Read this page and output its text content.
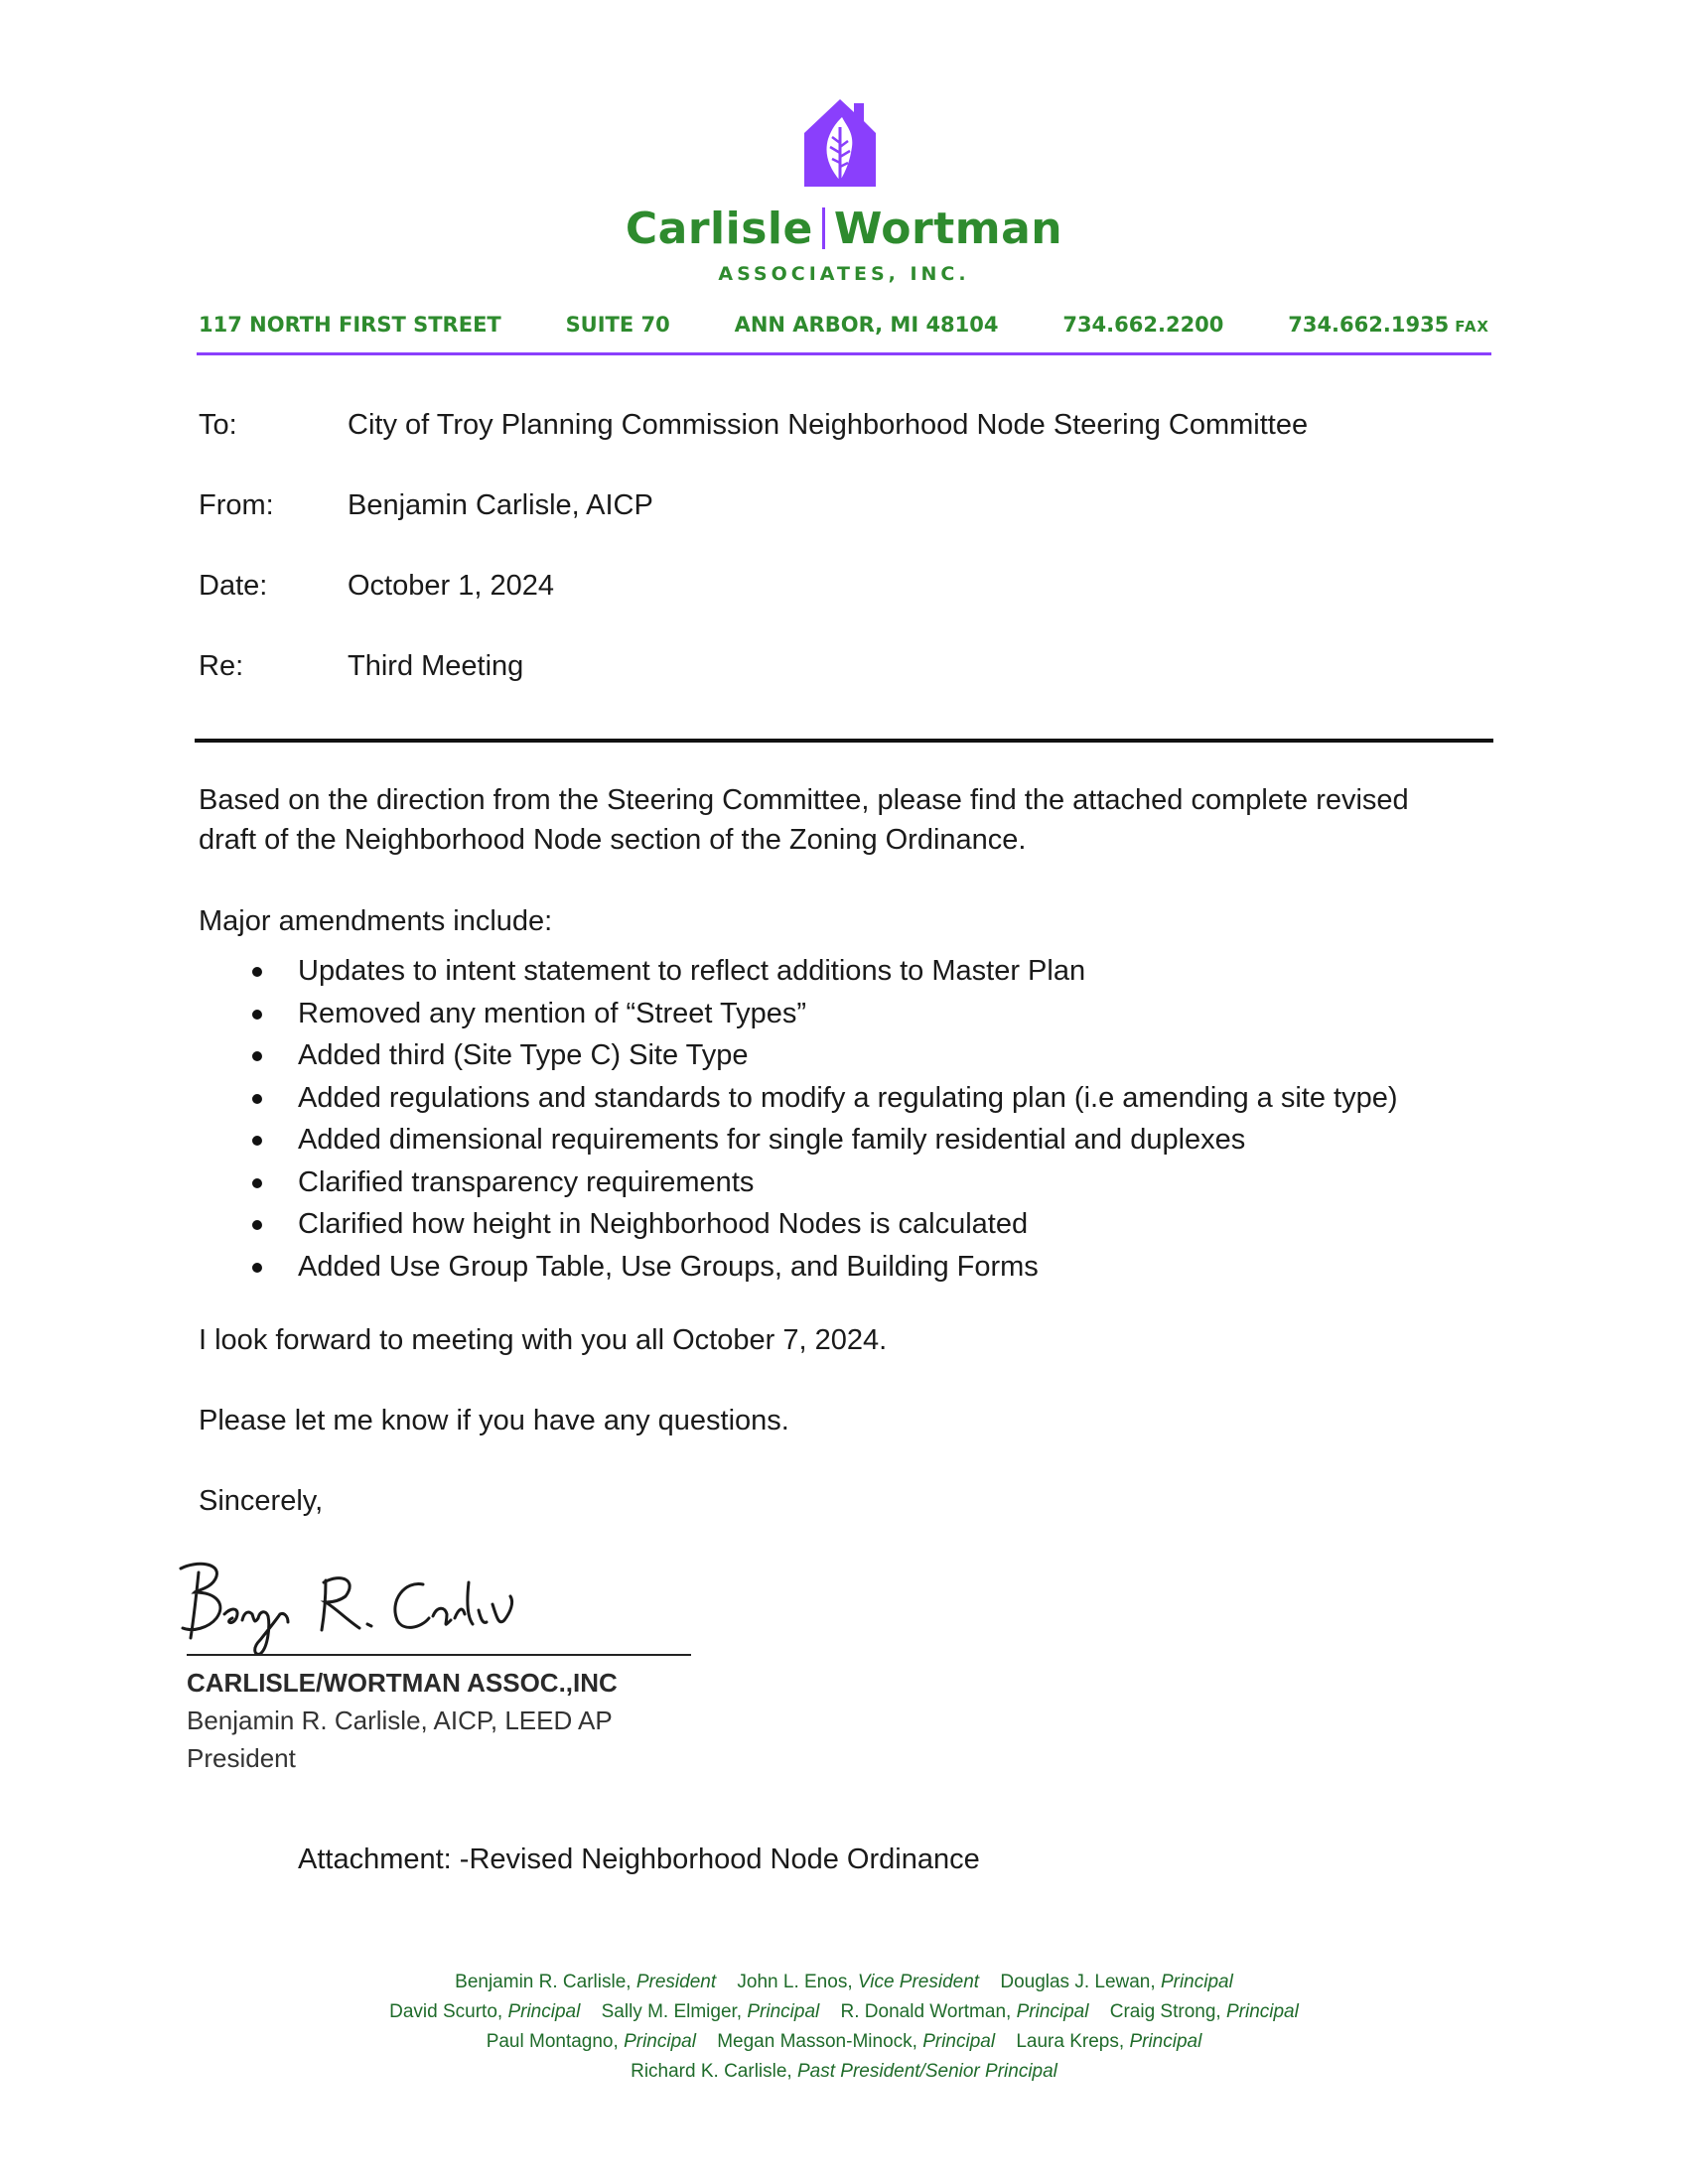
Carlisle Wortman
ASSOCIATES, INC.
117 NORTH FIRST STREET	SUITE 70	ANN ARBOR, MI 48104	734.662.2200	734.662.1935 FAX
To:	City of Troy Planning Commission Neighborhood Node Steering Committee
From:	Benjamin Carlisle, AICP
Date:	October 1, 2024
Re:	Third Meeting
Based on the direction from the Steering Committee, please find the attached complete revised
draft of the Neighborhood Node section of the Zoning Ordinance.
Major amendments include:
Updates to intent statement to reflect additions to Master Plan
Removed any mention of “Street Types”
Added third (Site Type C) Site Type
Added regulations and standards to modify a regulating plan (i.e amending a site type)
Added dimensional requirements for single family residential and duplexes
Clarified transparency requirements
Clarified how height in Neighborhood Nodes is calculated
Added Use Group Table, Use Groups, and Building Forms
I look forward to meeting with you all October 7, 2024.
Please let me know if you have any questions.
Sincerely,
CARLISLE/WORTMAN ASSOC.,INC
Benjamin R. Carlisle, AICP, LEED AP
President
Attachment: -Revised Neighborhood Node Ordinance
Benjamin R. Carlisle, President John L. Enos, Vice President Douglas J. Lewan, Principal
David Scurto, Principal Sally M. Elmiger, Principal R. Donald Wortman, Principal Craig Strong, Principal
Paul Montagno, Principal Megan Masson-Minock, Principal Laura Kreps, Principal
Richard K. Carlisle, Past President/Senior Principal
